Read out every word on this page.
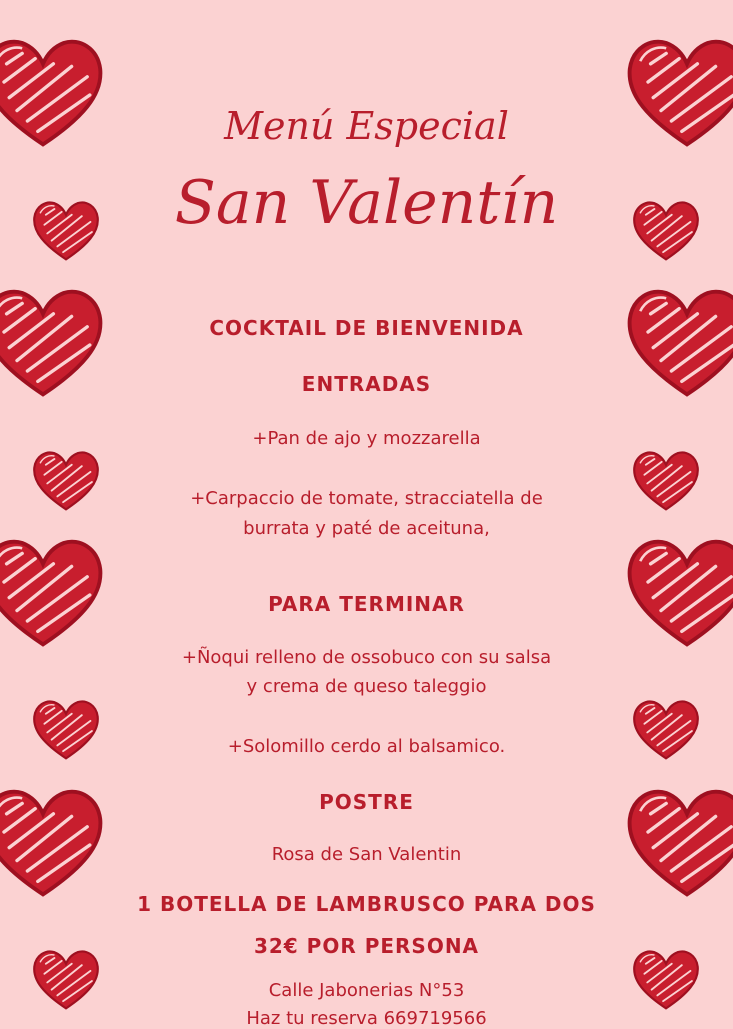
Menú Especial
San Valentín
COCKTAIL DE BIENVENIDA
ENTRADAS
+Pan de ajo y mozzarella
+Carpaccio de tomate, stracciatella de
burrata y paté de aceituna,
PARA TERMINAR
+Ñoqui relleno de ossobuco con su salsa
y crema de queso taleggio
+Solomillo cerdo al balsamico.
POSTRE
Rosa de San Valentin
1 BOTELLA DE LAMBRUSCO PARA DOS
32€ POR PERSONA
Calle Jabonerias N°53
Haz tu reserva 669719566
